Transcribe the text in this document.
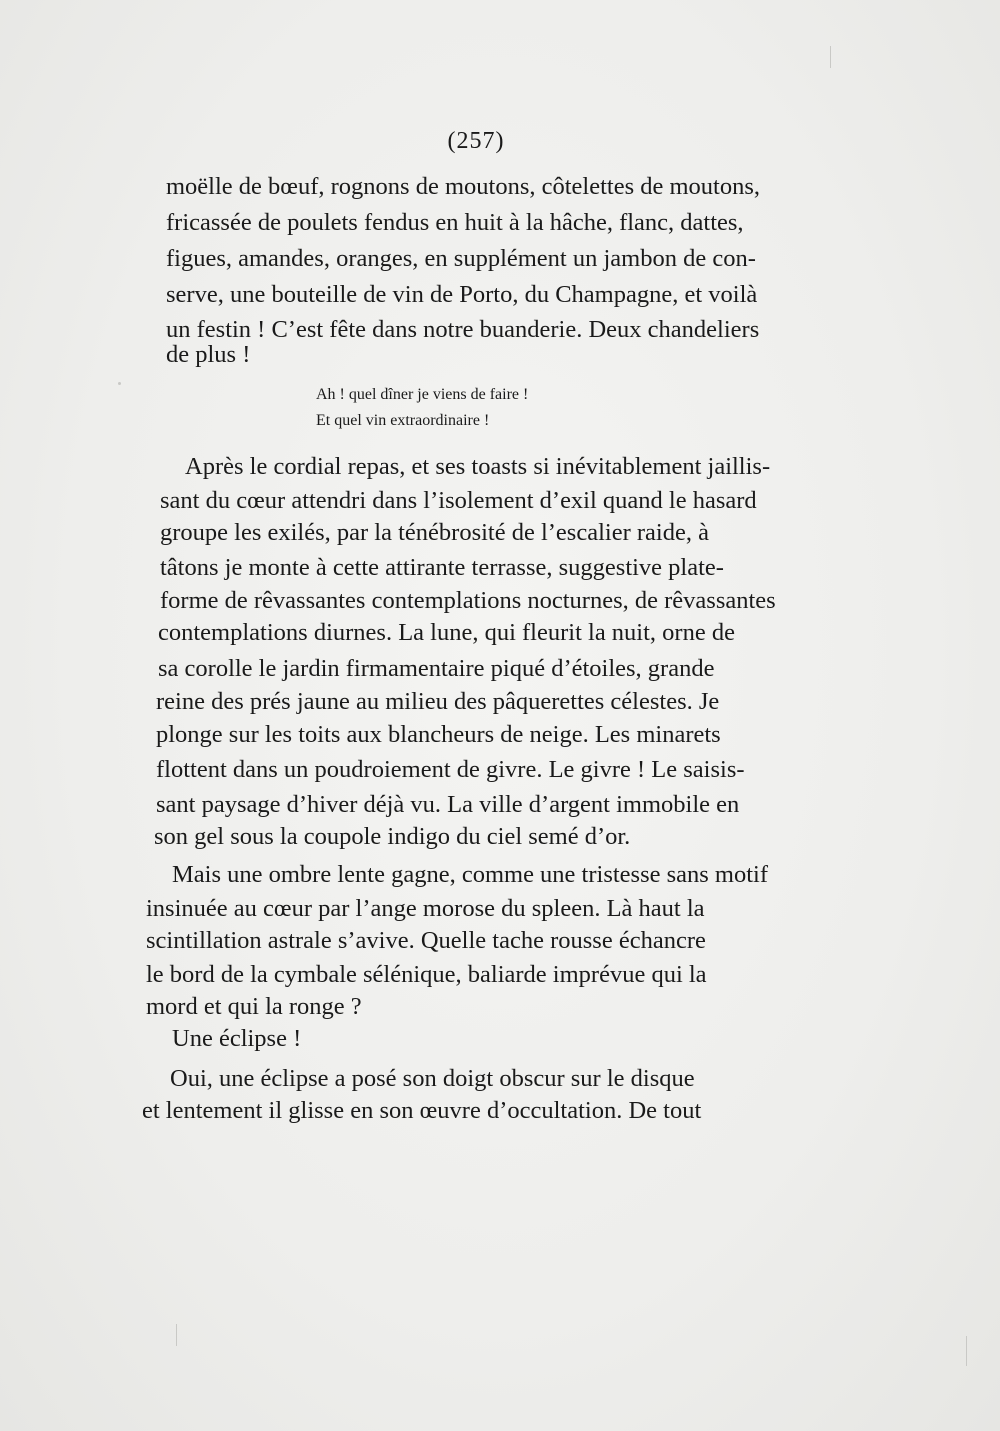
(257)
moëlle de bœuf, rognons de moutons, côtelettes de moutons,
fricassée de poulets fendus en huit à la hâche, flanc, dattes,
figues, amandes, oranges, en supplément un jambon de con-
serve, une bouteille de vin de Porto, du Champagne, et voilà
un festin ! C’est fête dans notre buanderie. Deux chandeliers
de plus !
Ah ! quel dîner je viens de faire !
Et quel vin extraordinaire !
Après le cordial repas, et ses toasts si inévitablement jaillis-
sant du cœur attendri dans l’isolement d’exil quand le hasard
groupe les exilés, par la ténébrosité de l’escalier raide, à
tâtons je monte à cette attirante terrasse, suggestive plate-
forme de rêvassantes contemplations nocturnes, de rêvassantes
contemplations diurnes. La lune, qui fleurit la nuit, orne de
sa corolle le jardin firmamentaire piqué d’étoiles, grande
reine des prés jaune au milieu des pâquerettes célestes. Je
plonge sur les toits aux blancheurs de neige. Les minarets
flottent dans un poudroiement de givre. Le givre ! Le saisis-
sant paysage d’hiver déjà vu. La ville d’argent immobile en
son gel sous la coupole indigo du ciel semé d’or.
Mais une ombre lente gagne, comme une tristesse sans motif
insinuée au cœur par l’ange morose du spleen. Là haut la
scintillation astrale s’avive. Quelle tache rousse échancre
le bord de la cymbale sélénique, baliarde imprévue qui la
mord et qui la ronge ?
Une éclipse !
Oui, une éclipse a posé son doigt obscur sur le disque
et lentement il glisse en son œuvre d’occultation. De tout
